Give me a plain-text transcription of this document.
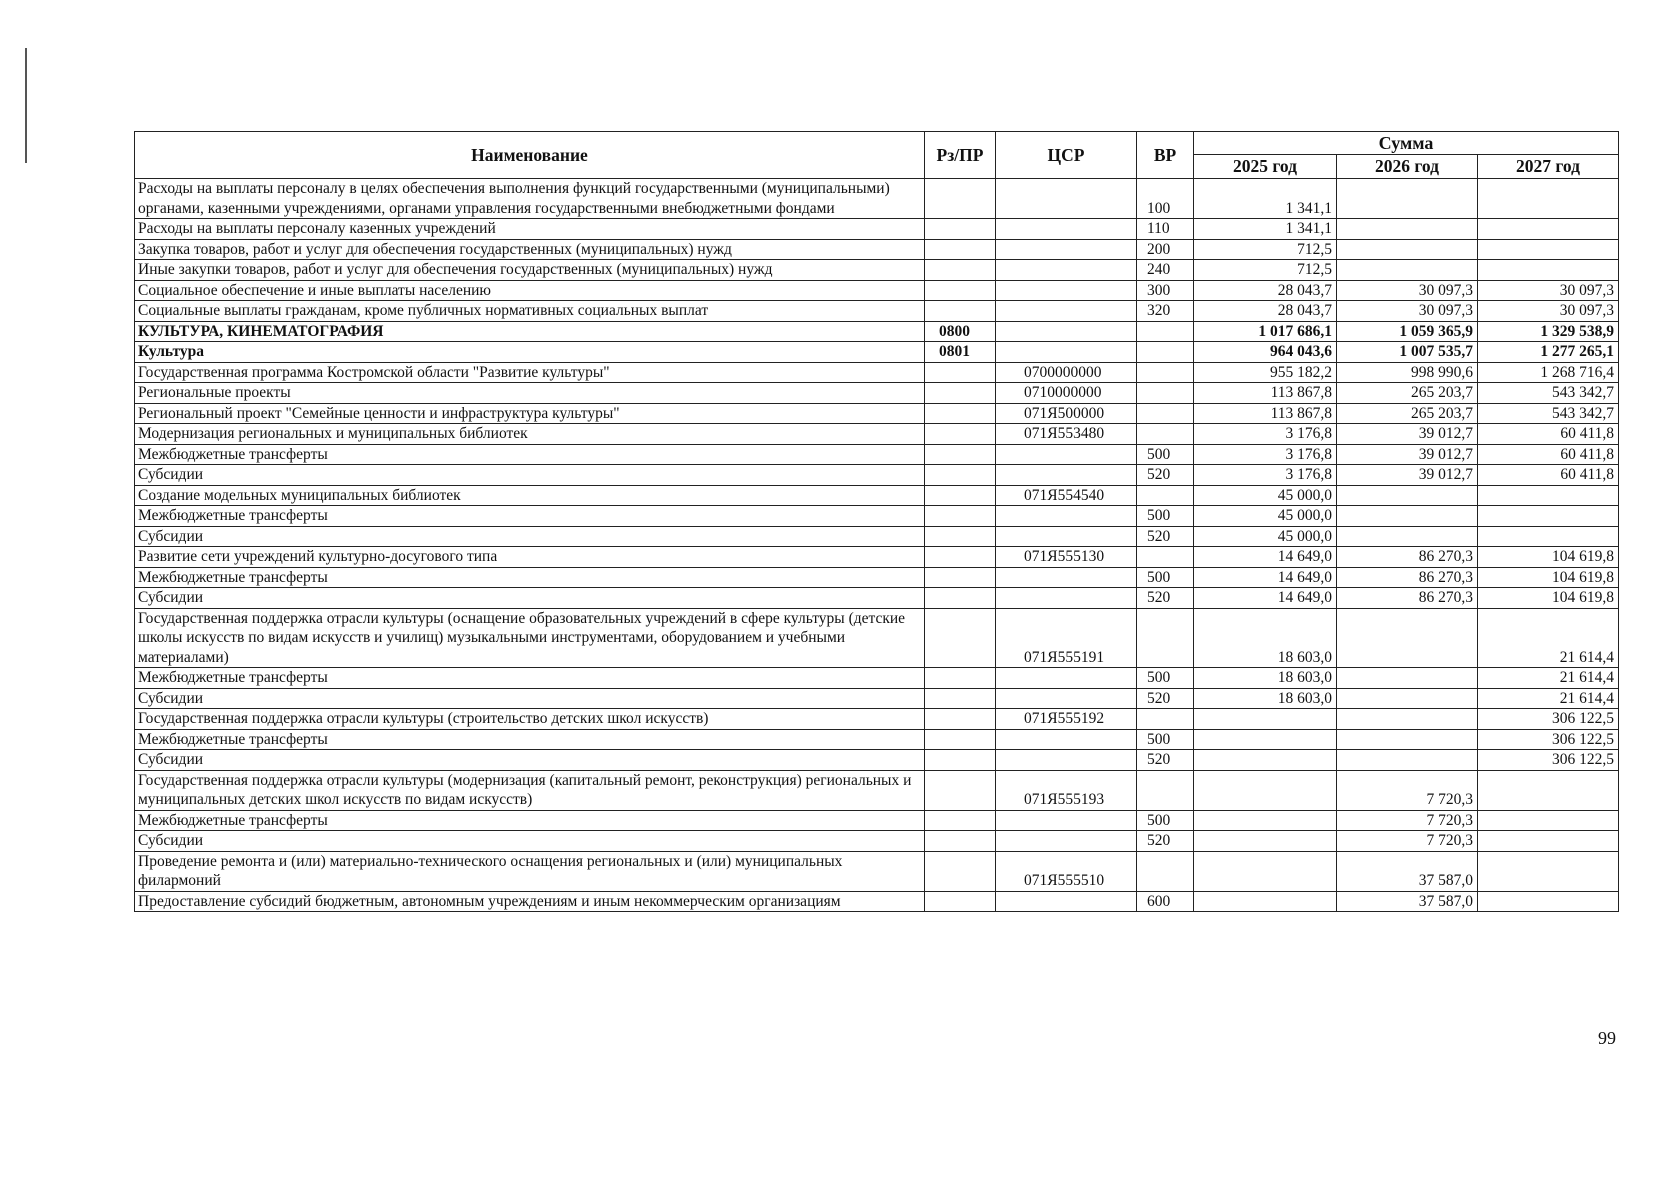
Наименование	Рз/ПР	ЦСР	ВР	Сумма		
				2025 год	2026 год	2027 год
Расходы на выплаты персоналу в целях обеспечения выполнения функций государственными (муниципальными) органами, казенными учреждениями, органами управления государственными внебюджетными фондами			100	1 341,1		
Расходы на выплаты персоналу казенных учреждений			110	1 341,1		
Закупка товаров, работ и услуг для обеспечения государственных (муниципальных) нужд			200	712,5		
Иные закупки товаров, работ и услуг для обеспечения государственных (муниципальных) нужд			240	712,5		
Социальное обеспечение и иные выплаты населению			300	28 043,7	30 097,3	30 097,3
Социальные выплаты гражданам, кроме публичных нормативных социальных выплат			320	28 043,7	30 097,3	30 097,3
КУЛЬТУРА, КИНЕМАТОГРАФИЯ	0800			1 017 686,1	1 059 365,9	1 329 538,9
Культура	0801			964 043,6	1 007 535,7	1 277 265,1
Государственная программа Костромской области "Развитие культуры"		0700000000		955 182,2	998 990,6	1 268 716,4
Региональные проекты		0710000000		113 867,8	265 203,7	543 342,7
Региональный проект "Семейные ценности и инфраструктура культуры"		071Я500000		113 867,8	265 203,7	543 342,7
Модернизация региональных и муниципальных библиотек		071Я553480		3 176,8	39 012,7	60 411,8
Межбюджетные трансферты			500	3 176,8	39 012,7	60 411,8
Субсидии			520	3 176,8	39 012,7	60 411,8
Создание модельных муниципальных библиотек		071Я554540		45 000,0		
Межбюджетные трансферты			500	45 000,0		
Субсидии			520	45 000,0		
Развитие сети учреждений культурно-досугового типа		071Я555130		14 649,0	86 270,3	104 619,8
Межбюджетные трансферты			500	14 649,0	86 270,3	104 619,8
Субсидии			520	14 649,0	86 270,3	104 619,8
Государственная поддержка отрасли культуры (оснащение образовательных учреждений в сфере культуры (детские школы искусств по видам искусств и училищ) музыкальными инструментами, оборудованием и учебными материалами)		071Я555191		18 603,0		21 614,4
Межбюджетные трансферты			500	18 603,0		21 614,4
Субсидии			520	18 603,0		21 614,4
Государственная поддержка отрасли культуры (строительство детских школ искусств)		071Я555192				306 122,5
Межбюджетные трансферты			500			306 122,5
Субсидии			520			306 122,5
Государственная поддержка отрасли культуры (модернизация (капитальный ремонт, реконструкция) региональных и муниципальных детских школ искусств по видам искусств)		071Я555193			7 720,3	
Межбюджетные трансферты			500		7 720,3	
Субсидии			520		7 720,3	
Проведение ремонта и (или) материально-технического оснащения региональных и (или) муниципальных филармоний		071Я555510			37 587,0	
Предоставление субсидий бюджетным, автономным учреждениям и иным некоммерческим организациям			600		37 587,0	
99
